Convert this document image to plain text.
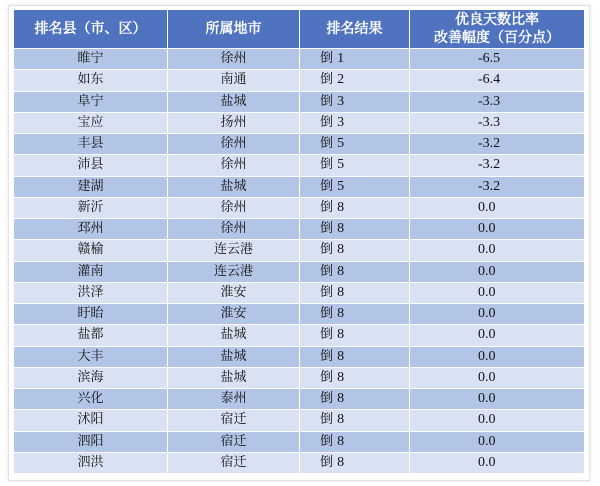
排名县（市、区）	所属地市	排名结果	优良天数比率
改善幅度（百分点）

睢宁	徐州	倒 1	-6.5
如东	南通	倒 2	-6.4
阜宁	盐城	倒 3	-3.3
宝应	扬州	倒 3	-3.3
丰县	徐州	倒 5	-3.2
沛县	徐州	倒 5	-3.2
建湖	盐城	倒 5	-3.2
新沂	徐州	倒 8	0.0
邳州	徐州	倒 8	0.0
赣榆	连云港	倒 8	0.0
灌南	连云港	倒 8	0.0
洪泽	淮安	倒 8	0.0
盱眙	淮安	倒 8	0.0
盐都	盐城	倒 8	0.0
大丰	盐城	倒 8	0.0
滨海	盐城	倒 8	0.0
兴化	泰州	倒 8	0.0
沭阳	宿迁	倒 8	0.0
泗阳	宿迁	倒 8	0.0
泗洪	宿迁	倒 8	0.0
